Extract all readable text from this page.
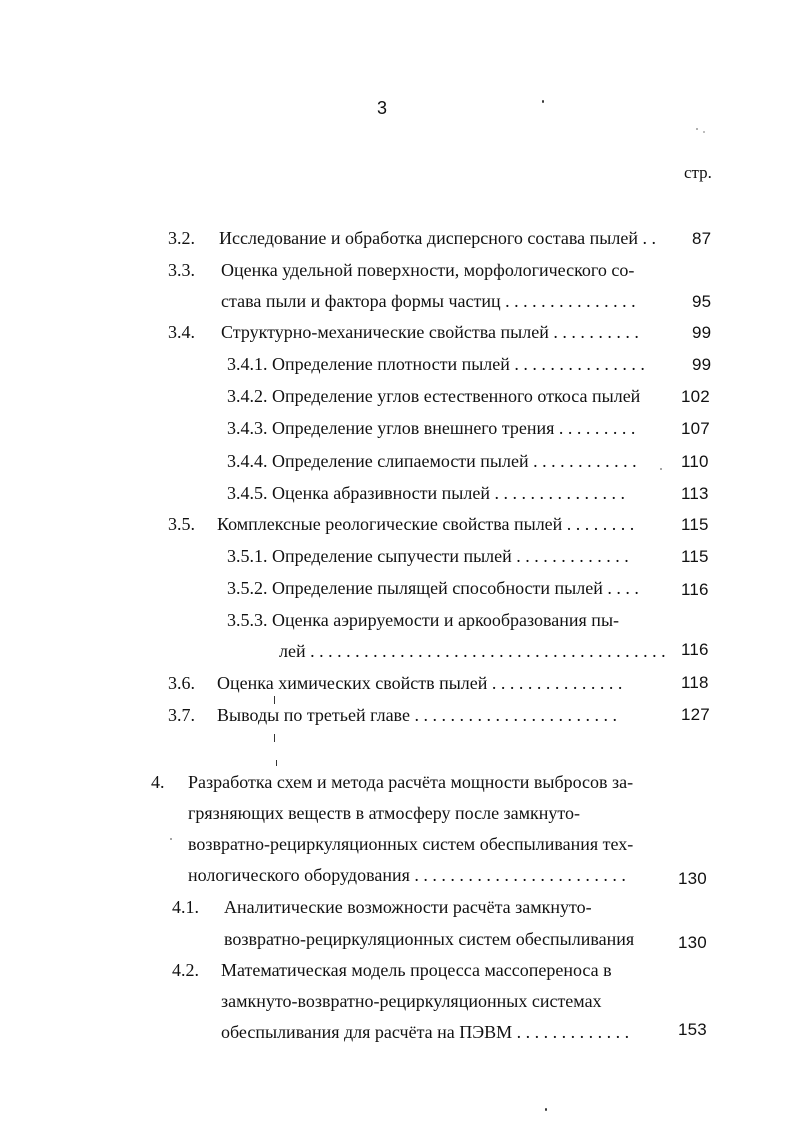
3
стр.
3.2. Исследование и обработка дисперсного состава пылей . . 87
3.3. Оценка удельной поверхности, морфологического со-
става пыли и фактора формы частиц . . . . . . . . . . . . . . .	95
3.4. Структурно-механические свойства пылей . . . . . . . . . .	99
3.4.1. Определение плотности пылей . . . . . . . . . . . . . . .	99
3.4.2. Определение углов естественного откоса пылей 102
3.4.3. Определение углов внешнего трения . . . . . . . . .	107
3.4.4. Определение слипаемости пылей . . . . . . . . . . . .	110
3.4.5. Оценка абразивности пылей . . . . . . . . . . . . . . .	113
3.5. Комплексные реологические свойства пылей . . . . . . . .	115
3.5.1. Определение сыпучести пылей . . . . . . . . . . . . .	115
3.5.2. Определение пылящей способности пылей . . . . 116
3.5.3. Оценка аэрируемости и аркообразования пы-
лей . . . . . . . . . . . . . . . . . . . . . . . . . . . . . . . . . . . . . . . . 116
3.6. Оценка химических свойств пылей . . . . . . . . . . . . . . .	118
3.7. Выводы по третьей главе . . . . . . . . . . . . . . . . . . . . . . .	127
4. Разработка схем и метода расчёта мощности выбросов за-
грязняющих веществ в атмосферу после замкнуто-
возвратно-рециркуляционных систем обеспыливания тех-
нологического оборудования . . . . . . . . . . . . . . . . . . . . . . . .	130
4.1. Аналитические возможности расчёта замкнуто-
возвратно-рециркуляционных систем обеспыливания	130
4.2. Математическая модель процесса массопереноса в
замкнуто-возвратно-рециркуляционных системах
обеспыливания для расчёта на ПЭВМ . . . . . . . . . . . . .	153
